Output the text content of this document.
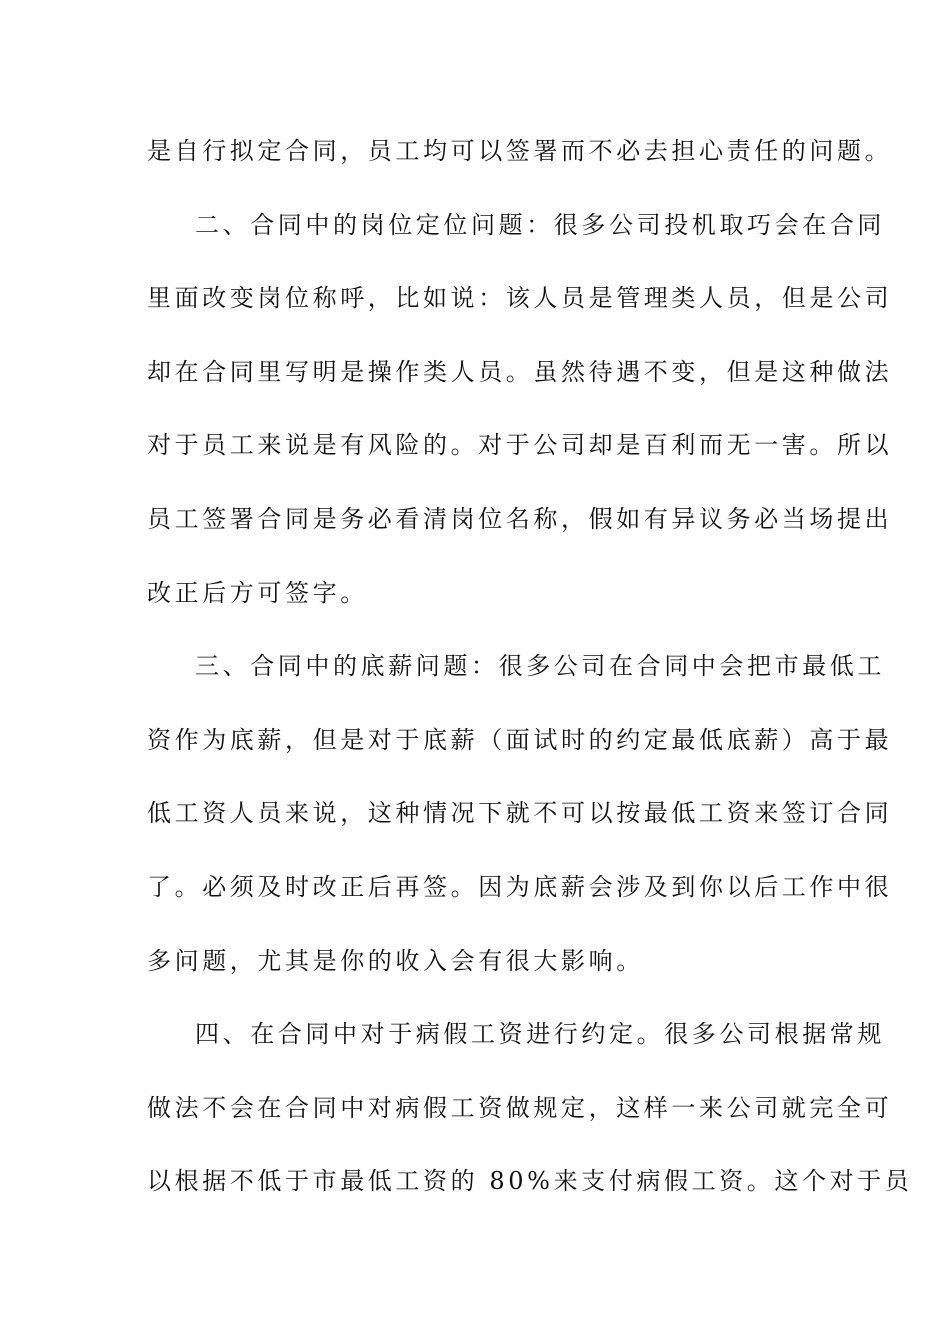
是自行拟定合同，员工均可以签署而不必去担心责任的问题。
二、合同中的岗位定位问题：很多公司投机取巧会在合同
里面改变岗位称呼，比如说：该人员是管理类人员，但是公司
却在合同里写明是操作类人员。虽然待遇不变，但是这种做法
对于员工来说是有风险的。对于公司却是百利而无一害。所以
员工签署合同是务必看清岗位名称，假如有异议务必当场提出
改正后方可签字。
三、合同中的底薪问题：很多公司在合同中会把市最低工
资作为底薪，但是对于底薪（面试时的约定最低底薪）高于最
低工资人员来说，这种情况下就不可以按最低工资来签订合同
了。必须及时改正后再签。因为底薪会涉及到你以后工作中很
多问题，尤其是你的收入会有很大影响。
四、在合同中对于病假工资进行约定。很多公司根据常规
做法不会在合同中对病假工资做规定，这样一来公司就完全可
以根据不低于市最低工资的 80%来支付病假工资。这个对于员
